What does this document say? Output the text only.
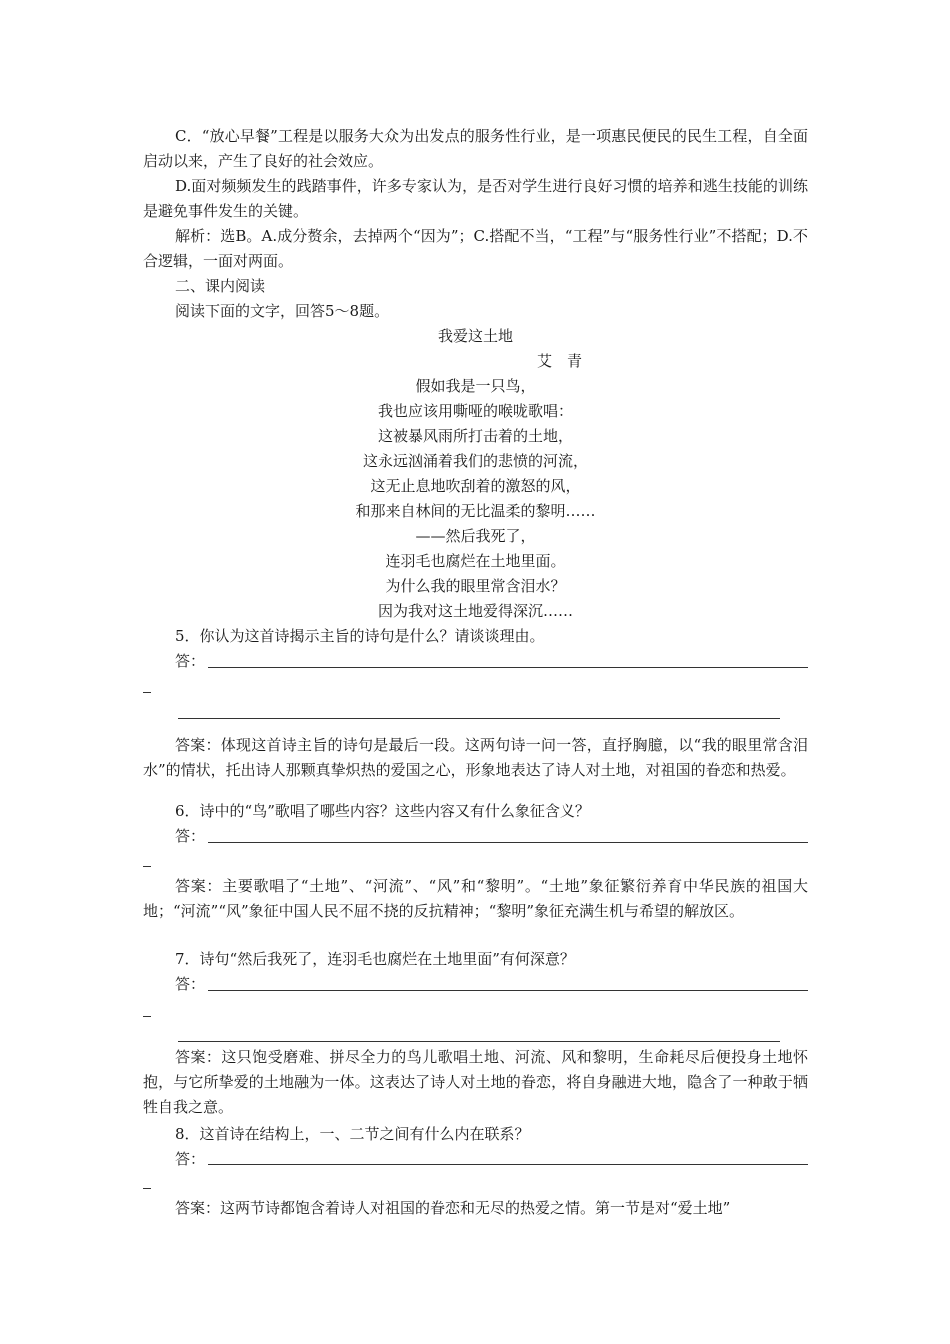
C．“放心早餐”工程是以服务大众为出发点的服务性行业，是一项惠民便民的民生工程，自全面启动以来，产生了良好的社会效应。

D.面对频频发生的践踏事件，许多专家认为，是否对学生进行良好习惯的培养和逃生技能的训练是避免事件发生的关键。

解析：选B。A.成分赘余，去掉两个“因为”；C.搭配不当，“工程”与“服务性行业”不搭配；D.不合逻辑，一面对两面。

二、课内阅读
阅读下面的文字，回答5～8题。
我爱这土地
艾　青
假如我是一只鸟，
我也应该用嘶哑的喉咙歌唱：
这被暴风雨所打击着的土地，
这永远汹涌着我们的悲愤的河流，
这无止息地吹刮着的激怒的风，
和那来自林间的无比温柔的黎明……
——然后我死了，
连羽毛也腐烂在土地里面。
为什么我的眼里常含泪水？
因为我对这土地爱得深沉……
5．你认为这首诗揭示主旨的诗句是什么？请谈谈理由。
答：

答案：体现这首诗主旨的诗句是最后一段。这两句诗一问一答，直抒胸臆，以“我的眼里常含泪水”的情状，托出诗人那颗真挚炽热的爱国之心，形象地表达了诗人对土地，对祖国的眷恋和热爱。

6．诗中的“鸟”歌唱了哪些内容？这些内容又有什么象征含义？
答：

答案：主要歌唱了“土地”、“河流”、“风”和“黎明”。“土地”象征繁衍养育中华民族的祖国大地；“河流”“风”象征中国人民不屈不挠的反抗精神；“黎明”象征充满生机与希望的解放区。

7．诗句“然后我死了，连羽毛也腐烂在土地里面”有何深意？
答：

答案：这只饱受磨难、拼尽全力的鸟儿歌唱土地、河流、风和黎明，生命耗尽后便投身土地怀抱，与它所挚爱的土地融为一体。这表达了诗人对土地的眷恋，将自身融进大地，隐含了一种敢于牺牲自我之意。

8．这首诗在结构上，一、二节之间有什么内在联系？
答：

答案：这两节诗都饱含着诗人对祖国的眷恋和无尽的热爱之情。第一节是对“爱土地”
